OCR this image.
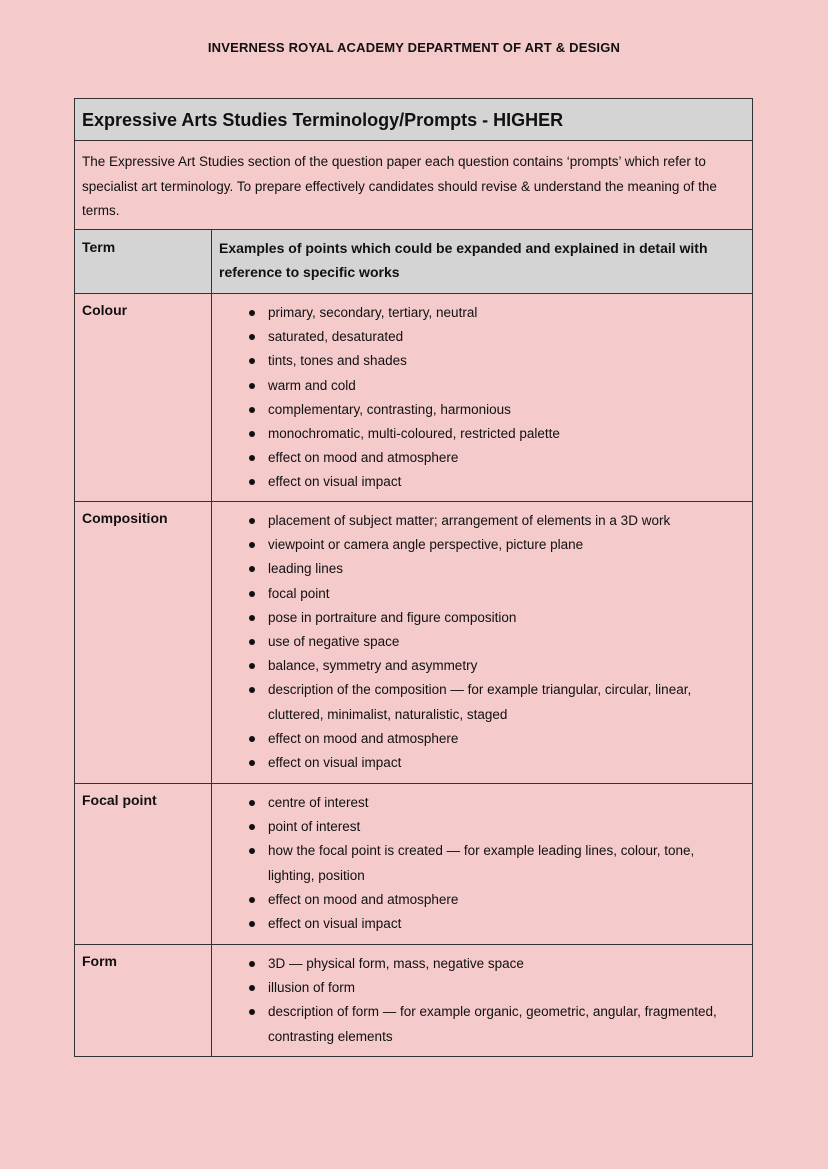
INVERNESS ROYAL ACADEMY DEPARTMENT OF ART & DESIGN
Expressive Arts Studies Terminology/Prompts - HIGHER
The Expressive Art Studies section of the question paper each question contains ‘prompts’ which refer to specialist art terminology. To prepare effectively candidates should revise & understand the meaning of the terms.
Term	Examples of points which could be expanded and explained in detail with reference to specific works
Colour	primary, secondary, tertiary, neutral
saturated, desaturated
tints, tones and shades
warm and cold
complementary, contrasting, harmonious
monochromatic, multi-coloured, restricted palette
effect on mood and atmosphere
effect on visual impact
Composition	placement of subject matter; arrangement of elements in a 3D work
viewpoint or camera angle perspective, picture plane
leading lines
focal point
pose in portraiture and figure composition
use of negative space
balance, symmetry and asymmetry
description of the composition — for example triangular, circular, linear, cluttered, minimalist, naturalistic, staged
effect on mood and atmosphere
effect on visual impact
Focal point	centre of interest
point of interest
how the focal point is created — for example leading lines, colour, tone, lighting, position
effect on mood and atmosphere
effect on visual impact
Form	3D — physical form, mass, negative space
illusion of form
description of form — for example organic, geometric, angular, fragmented, contrasting elements
